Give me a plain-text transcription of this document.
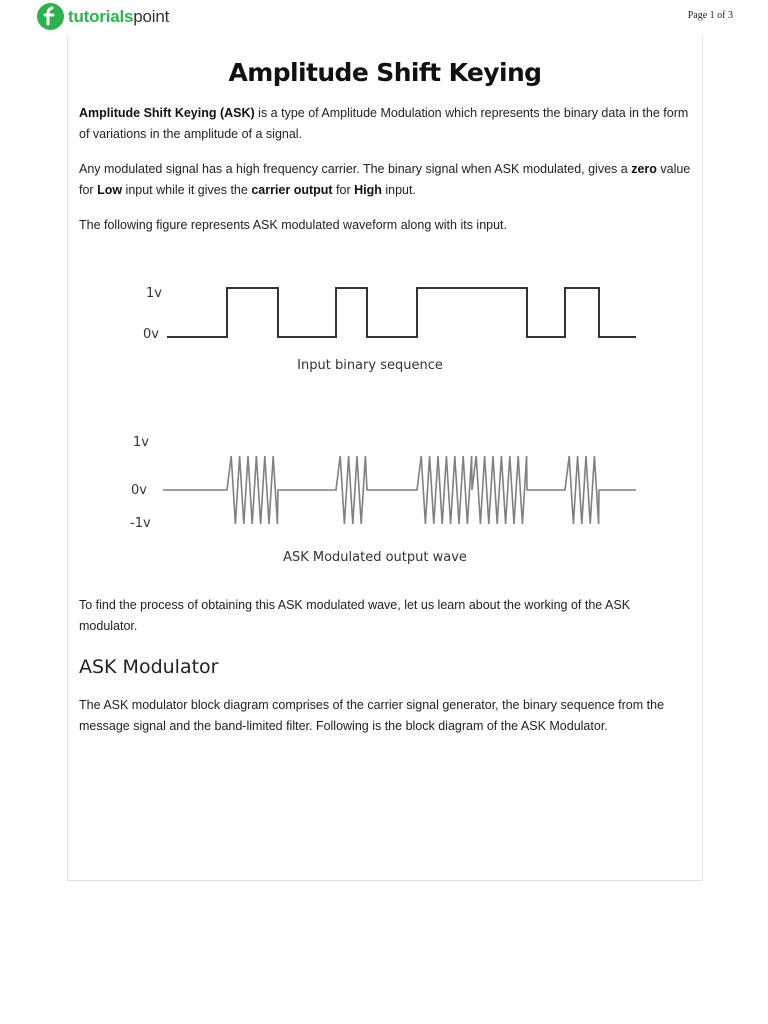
tutorialspoint	Page 1 of 3
Amplitude Shift Keying

Amplitude Shift Keying (ASK) is a type of Amplitude Modulation which represents the binary data in the form of variations in the amplitude of a signal.

Any modulated signal has a high frequency carrier. The binary signal when ASK modulated, gives a zero value for Low input while it gives the carrier output for High input.

The following figure represents ASK modulated waveform along with its input.

To find the process of obtaining this ASK modulated wave, let us learn about the working of the ASK modulator.

ASK Modulator

The ASK modulator block diagram comprises of the carrier signal generator, the binary sequence from the message signal and the band-limited filter. Following is the block diagram of the ASK Modulator.

1v
0v
Input binary sequence
1v
0v
-1v
ASK Modulated output wave
